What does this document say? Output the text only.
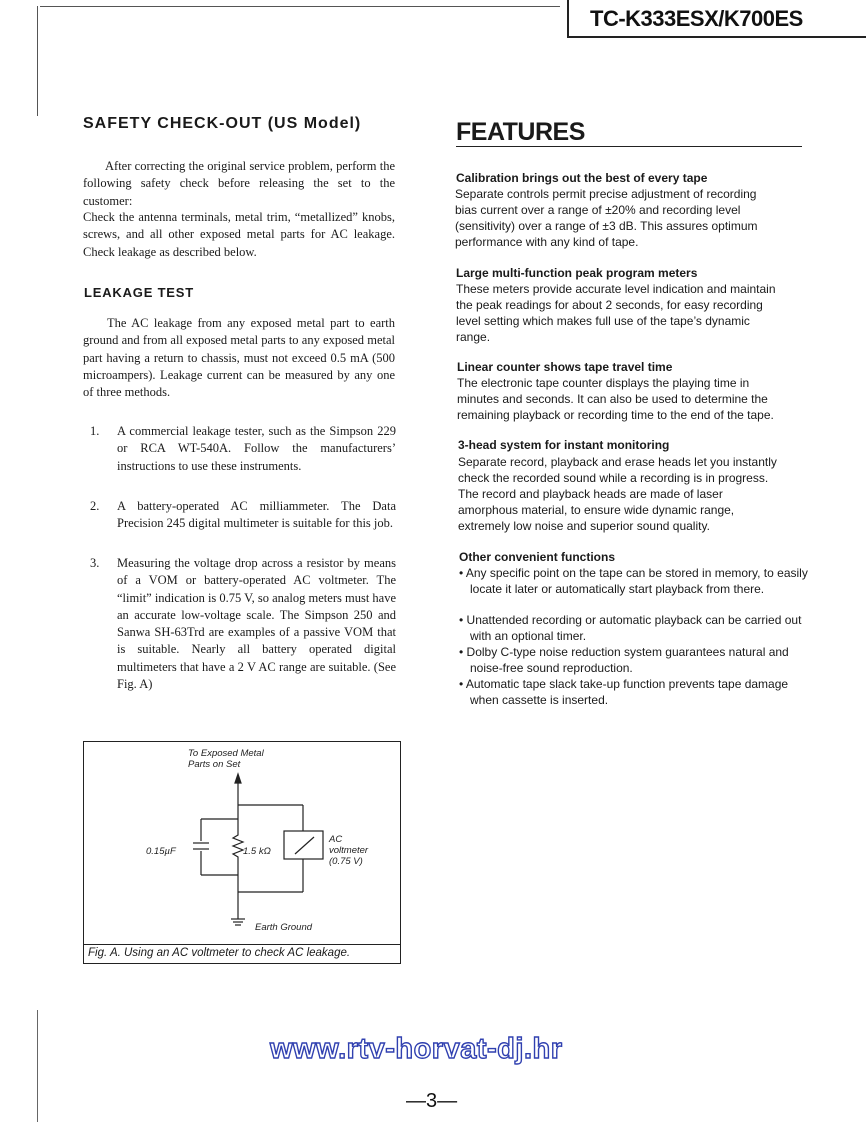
TC-K333ESX/K700ES
SAFETY CHECK-OUT (US Model)
After correcting the original service problem, perform the following safety check before releasing the set to the customer:
Check the antenna terminals, metal trim, “metallized” knobs, screws, and all other exposed metal parts for AC leakage. Check leakage as described below.
LEAKAGE TEST
The AC leakage from any exposed metal part to earth ground and from all exposed metal parts to any exposed metal part having a return to chassis, must not exceed 0.5 mA (500 microampers). Leakage current can be measured by any one of three methods.
1. A commercial leakage tester, such as the Simpson 229 or RCA WT-540A. Follow the manufacturers’ instructions to use these instruments.
2. A battery-operated AC milliammeter. The Data Precision 245 digital multimeter is suitable for this job.
3. Measuring the voltage drop across a resistor by means of a VOM or battery-operated AC voltmeter. The “limit” indication is 0.75 V, so analog meters must have an accurate low-voltage scale. The Simpson 250 and Sanwa SH-63Trd are examples of a passive VOM that is suitable. Nearly all battery operated digital multimeters that have a 2 V AC range are suitable. (See Fig. A)
To Exposed Metal
Parts on Set
0.15µF	1.5 kΩ
AC
voltmeter
(0.75 V)
Earth Ground
Fig. A. Using an AC voltmeter to check AC leakage.
FEATURES
Calibration brings out the best of every tape
Separate controls permit precise adjustment of recording
bias current over a range of ±20% and recording level
(sensitivity) over a range of ±3 dB. This assures optimum
performance with any kind of tape.
Large multi-function peak program meters
These meters provide accurate level indication and maintain
the peak readings for about 2 seconds, for easy recording
level setting which makes full use of the tape’s dynamic
range.
Linear counter shows tape travel time
The electronic tape counter displays the playing time in
minutes and seconds. It can also be used to determine the
remaining playback or recording time to the end of the tape.
3-head system for instant monitoring
Separate record, playback and erase heads let you instantly
check the recorded sound while a recording is in progress.
The record and playback heads are made of laser
amorphous material, to ensure wide dynamic range,
extremely low noise and superior sound quality.
Other convenient functions
• Any specific point on the tape can be stored in memory, to easily locate it later or automatically start playback from there.
• Unattended recording or automatic playback can be carried out with an optional timer.
• Dolby C-type noise reduction system guarantees natural and noise-free sound reproduction.
• Automatic tape slack take-up function prevents tape damage when cassette is inserted.
www.rtv-horvat-dj.hr
—3—
